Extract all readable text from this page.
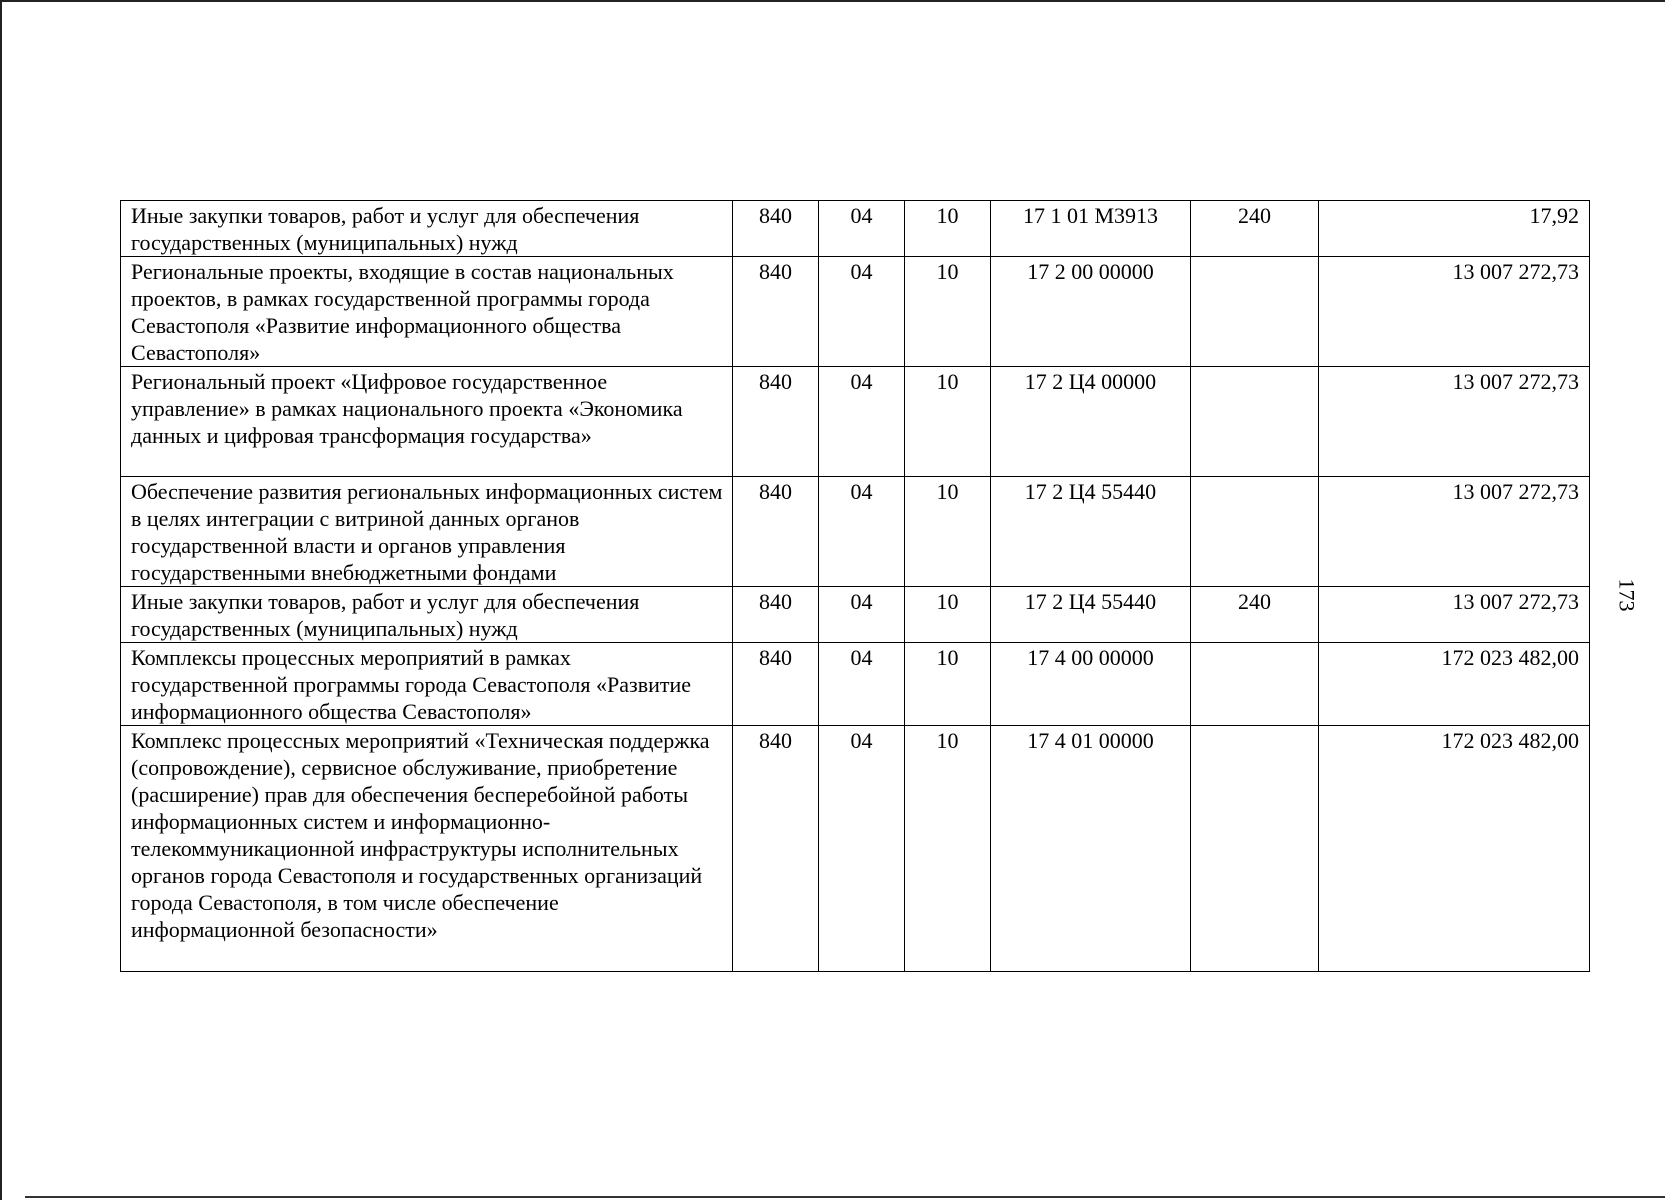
Иные закупки товаров, работ и услуг для обеспечения государственных (муниципальных) нужд	840	04	10	17 1 01 M3913	240	17,92
Региональные проекты, входящие в состав национальных проектов, в рамках государственной программы города Севастополя «Развитие информационного общества Севастополя»	840	04	10	17 2 00 00000		13 007 272,73
Региональный проект «Цифровое государственное управление» в рамках национального проекта «Экономика данных и цифровая трансформация государства»	840	04	10	17 2 Ц4 00000		13 007 272,73
Обеспечение развития региональных информационных систем в целях интеграции с витриной данных органов государственной власти и органов управления государственными внебюджетными фондами	840	04	10	17 2 Ц4 55440		13 007 272,73
Иные закупки товаров, работ и услуг для обеспечения государственных (муниципальных) нужд	840	04	10	17 2 Ц4 55440	240	13 007 272,73
Комплексы процессных мероприятий в рамках государственной программы города Севастополя «Развитие информационного общества Севастополя»	840	04	10	17 4 00 00000		172 023 482,00
Комплекс процессных мероприятий «Техническая поддержка (сопровождение), сервисное обслуживание, приобретение (расширение) прав для обеспечения бесперебойной работы информационных систем и информационно-телекоммуникационной инфраструктуры исполнительных органов города Севастополя и государственных организаций города Севастополя, в том числе обеспечение информационной безопасности»	840	04	10	17 4 01 00000		172 023 482,00
173
